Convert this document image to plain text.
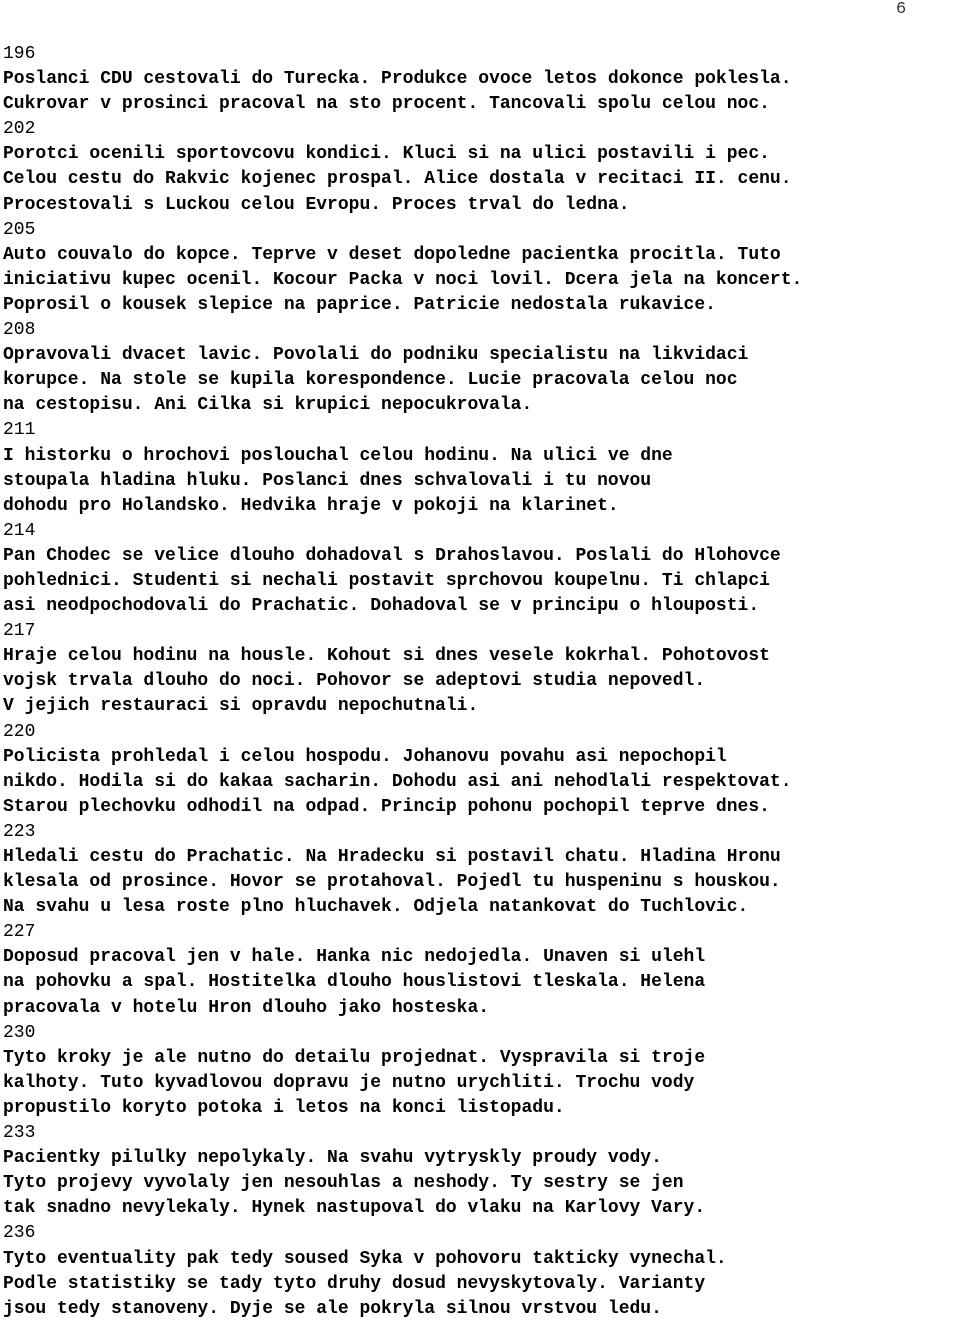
6
196
Poslanci CDU cestovali do Turecka. Produkce ovoce letos dokonce poklesla.
Cukrovar v prosinci pracoval na sto procent. Tancovali spolu celou noc.
202
Porotci ocenili sportovcovu kondici. Kluci si na ulici postavili i pec.
Celou cestu do Rakvic kojenec prospal. Alice dostala v recitaci II. cenu.
Procestovali s Luckou celou Evropu. Proces trval do ledna.
205
Auto couvalo do kopce. Teprve v deset dopoledne pacientka procitla. Tuto
iniciativu kupec ocenil. Kocour Packa v noci lovil. Dcera jela na koncert.
Poprosil o kousek slepice na paprice. Patricie nedostala rukavice.
208
Opravovali dvacet lavic. Povolali do podniku specialistu na likvidaci
korupce. Na stole se kupila korespondence. Lucie pracovala celou noc
na cestopisu. Ani Cilka si krupici nepocukrovala.
211
I historku o hrochovi poslouchal celou hodinu. Na ulici ve dne
stoupala hladina hluku. Poslanci dnes schvalovali i tu novou
dohodu pro Holandsko. Hedvika hraje v pokoji na klarinet.
214
Pan Chodec se velice dlouho dohadoval s Drahoslavou. Poslali do Hlohovce
pohlednici. Studenti si nechali postavit sprchovou koupelnu. Ti chlapci
asi neodpochodovali do Prachatic. Dohadoval se v principu o hlouposti.
217
Hraje celou hodinu na housle. Kohout si dnes vesele kokrhal. Pohotovost
vojsk trvala dlouho do noci. Pohovor se adeptovi studia nepovedl.
V jejich restauraci si opravdu nepochutnali.
220
Policista prohledal i celou hospodu. Johanovu povahu asi nepochopil
nikdo. Hodila si do kakaa sacharin. Dohodu asi ani nehodlali respektovat.
Starou plechovku odhodil na odpad. Princip pohonu pochopil teprve dnes.
223
Hledali cestu do Prachatic. Na Hradecku si postavil chatu. Hladina Hronu
klesala od prosince. Hovor se protahoval. Pojedl tu huspeninu s houskou.
Na svahu u lesa roste plno hluchavek. Odjela natankovat do Tuchlovic.
227
Doposud pracoval jen v hale. Hanka nic nedojedla. Unaven si ulehl
na pohovku a spal. Hostitelka dlouho houslistovi tleskala. Helena
pracovala v hotelu Hron dlouho jako hosteska.
230
Tyto kroky je ale nutno do detailu projednat. Vyspravila si troje
kalhoty. Tuto kyvadlovou dopravu je nutno urychliti. Trochu vody
propustilo koryto potoka i letos na konci listopadu.
233
Pacientky pilulky nepolykaly. Na svahu vytryskly proudy vody.
Tyto projevy vyvolaly jen nesouhlas a neshody. Ty sestry se jen
tak snadno nevylekaly. Hynek nastupoval do vlaku na Karlovy Vary.
236
Tyto eventuality pak tedy soused Syka v pohovoru takticky vynechal.
Podle statistiky se tady tyto druhy dosud nevyskytovaly. Varianty
jsou tedy stanoveny. Dyje se ale pokryla silnou vrstvou ledu.
